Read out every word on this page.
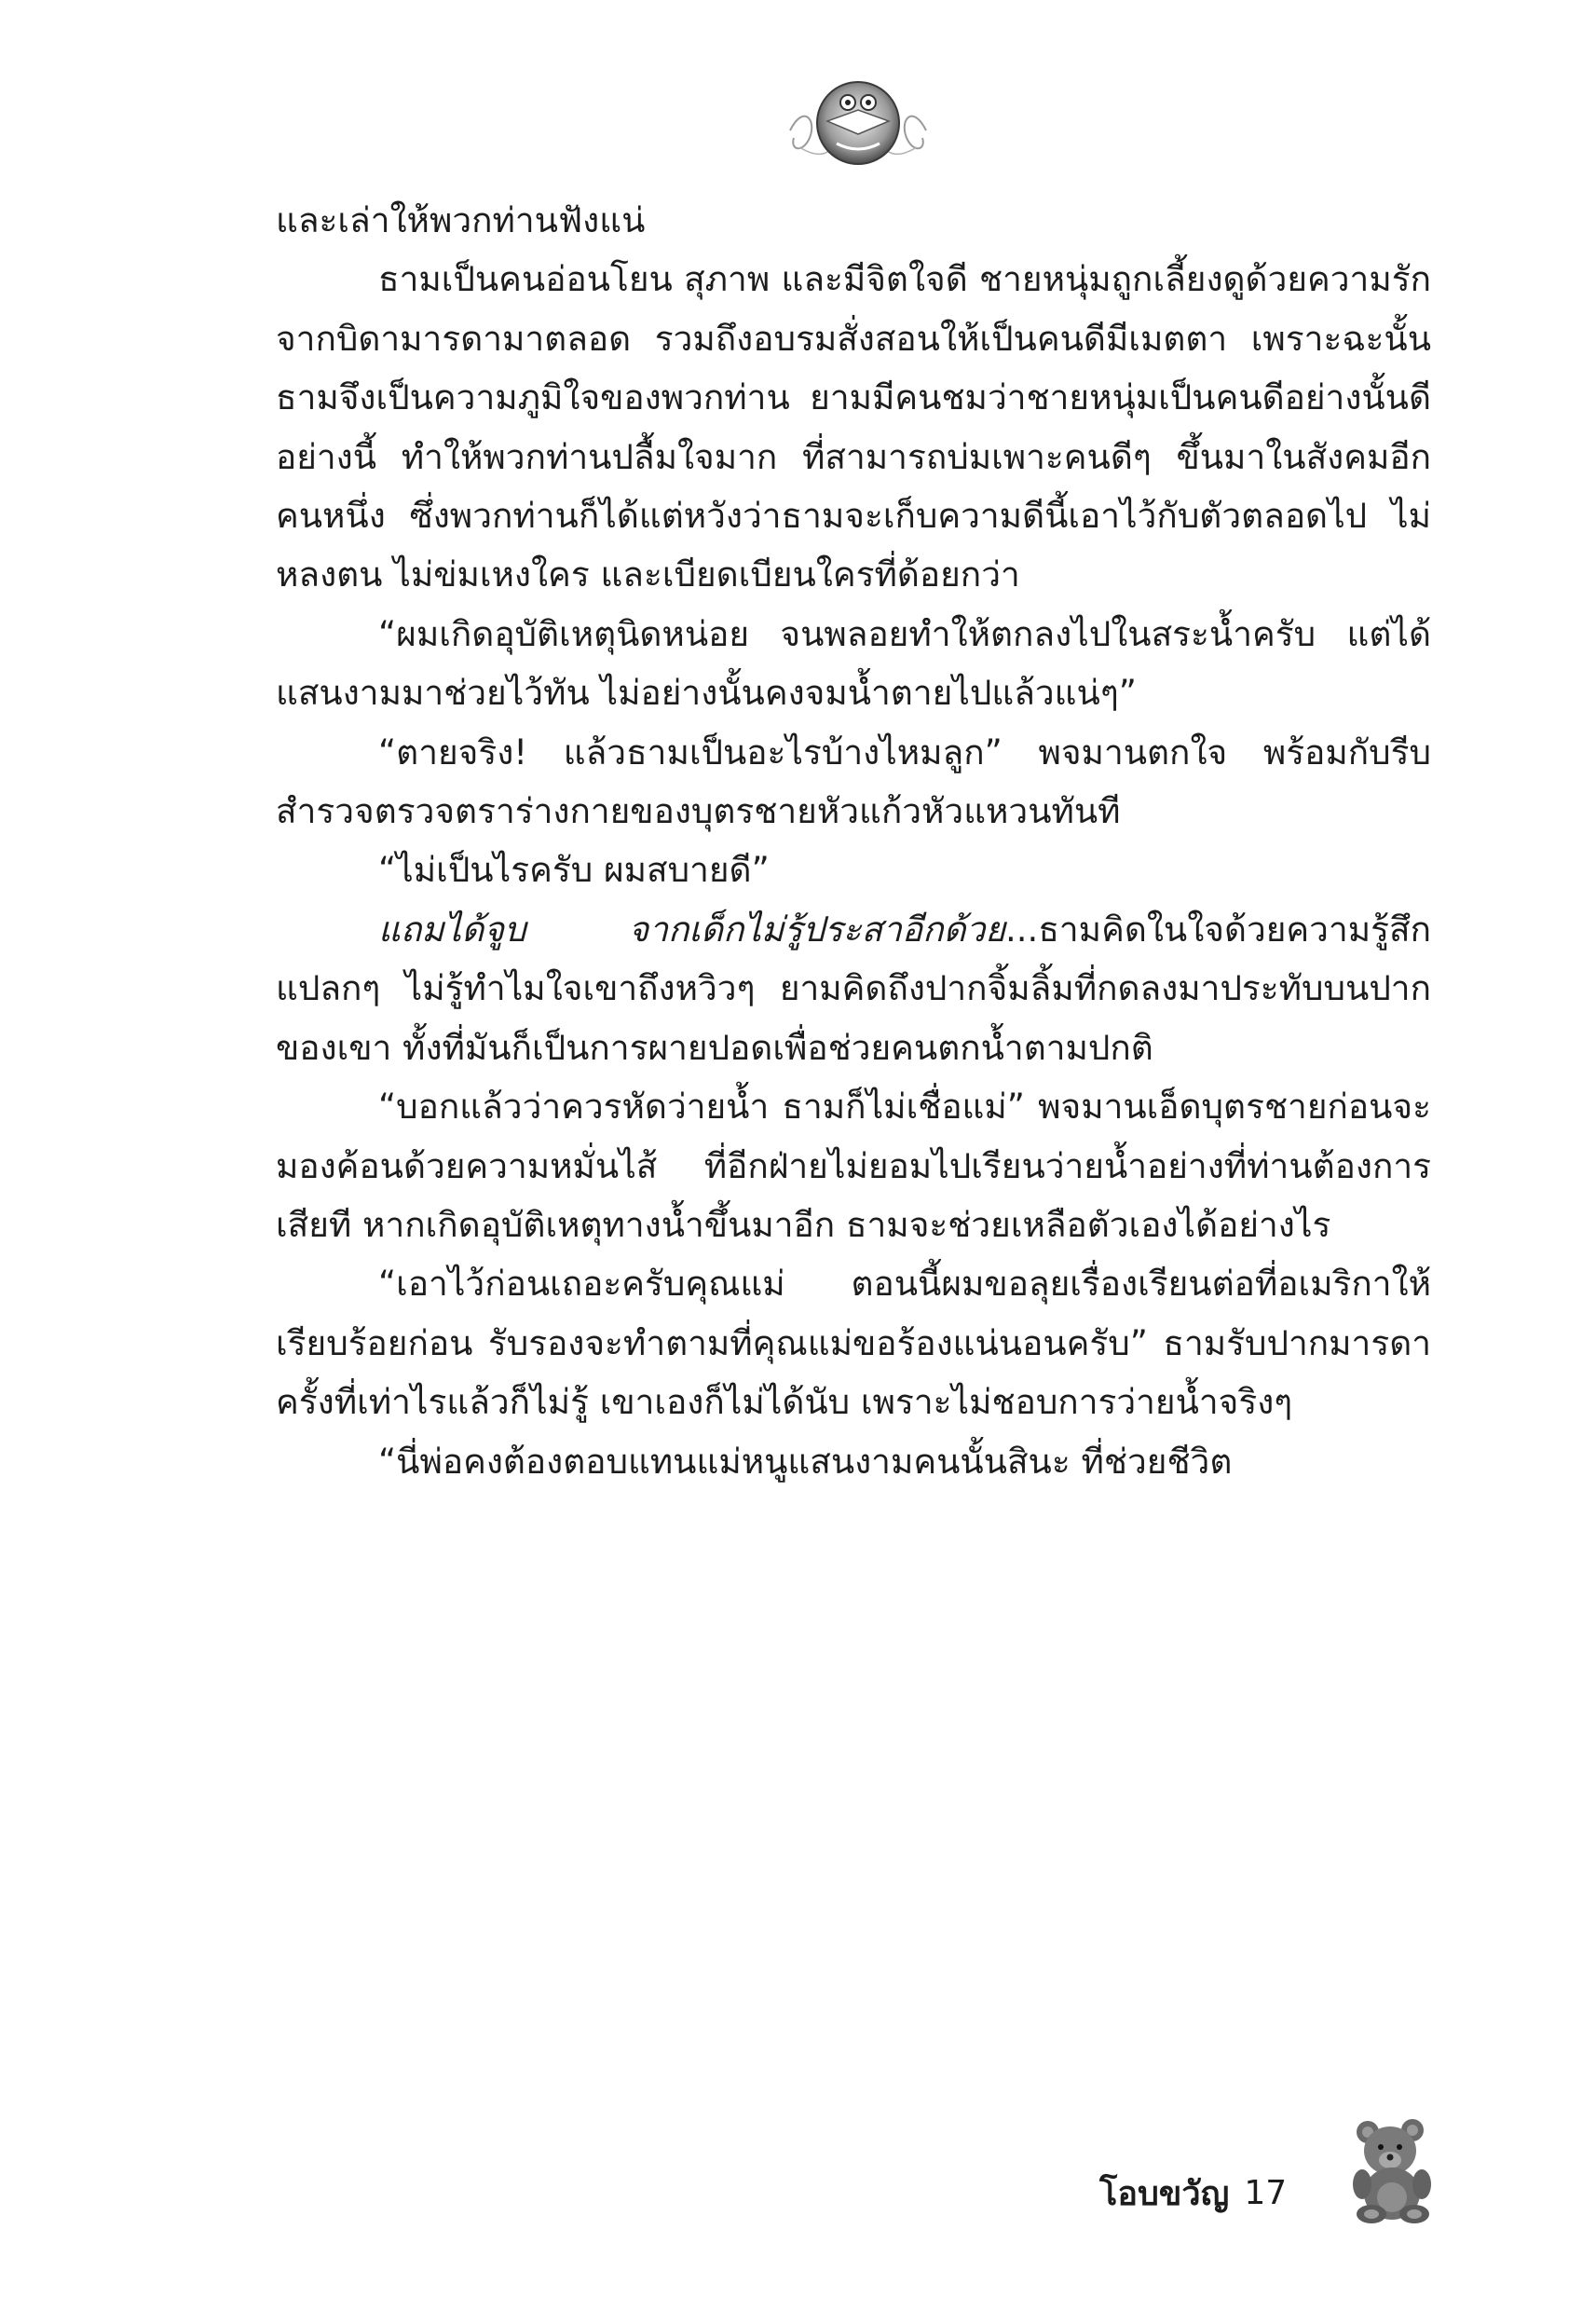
และเล่าให้พวกท่านฟังแน่

ธามเป็นคนอ่อนโยน สุภาพ และมีจิตใจดี ชายหนุ่มถูกเลี้ยงดูด้วยความรักจากบิดามารดามาตลอด รวมถึงอบรมสั่งสอนให้เป็นคนดีมีเมตตา เพราะฉะนั้นธามจึงเป็นความภูมิใจของพวกท่าน ยามมีคนชมว่าชายหนุ่มเป็นคนดีอย่างนั้นดีอย่างนี้ ทำให้พวกท่านปลื้มใจมาก ที่สามารถบ่มเพาะคนดีๆ ขึ้นมาในสังคมอีกคนหนึ่ง ซึ่งพวกท่านก็ได้แต่หวังว่าธามจะเก็บความดีนี้เอาไว้กับตัวตลอดไป ไม่หลงตน ไม่ข่มเหงใคร และเบียดเบียนใครที่ด้อยกว่า

“ผมเกิดอุบัติเหตุนิดหน่อย จนพลอยทำให้ตกลงไปในสระน้ำครับ แต่ได้แสนงามมาช่วยไว้ทัน ไม่อย่างนั้นคงจมน้ำตายไปแล้วแน่ๆ”

“ตายจริง! แล้วธามเป็นอะไรบ้างไหมลูก” พจมานตกใจ พร้อมกับรีบสำรวจตรวจตราร่างกายของบุตรชายหัวแก้วหัวแหวนทันที

“ไม่เป็นไรครับ ผมสบายดี”

แถมได้จูบ จากเด็กไม่รู้ประสาอีกด้วย...ธามคิดในใจด้วยความรู้สึกแปลกๆ ไม่รู้ทำไมใจเขาถึงหวิวๆ ยามคิดถึงปากจิ้มลิ้มที่กดลงมาประทับบนปากของเขา ทั้งที่มันก็เป็นการผายปอดเพื่อช่วยคนตกน้ำตามปกติ

“บอกแล้วว่าควรหัดว่ายน้ำ ธามก็ไม่เชื่อแม่” พจมานเอ็ดบุตรชายก่อนจะมองค้อนด้วยความหมั่นไส้ ที่อีกฝ่ายไม่ยอมไปเรียนว่ายน้ำอย่างที่ท่านต้องการเสียที หากเกิดอุบัติเหตุทางน้ำขึ้นมาอีก ธามจะช่วยเหลือตัวเองได้อย่างไร

“เอาไว้ก่อนเถอะครับคุณแม่ ตอนนี้ผมขอลุยเรื่องเรียนต่อที่อเมริกาให้เรียบร้อยก่อน รับรองจะทำตามที่คุณแม่ขอร้องแน่นอนครับ” ธามรับปากมารดา ครั้งที่เท่าไรแล้วก็ไม่รู้ เขาเองก็ไม่ได้นับ เพราะไม่ชอบการว่ายน้ำจริงๆ

“นี่พ่อคงต้องตอบแทนแม่หนูแสนงามคนนั้นสินะ ที่ช่วยชีวิต

โอบขวัญ 17
